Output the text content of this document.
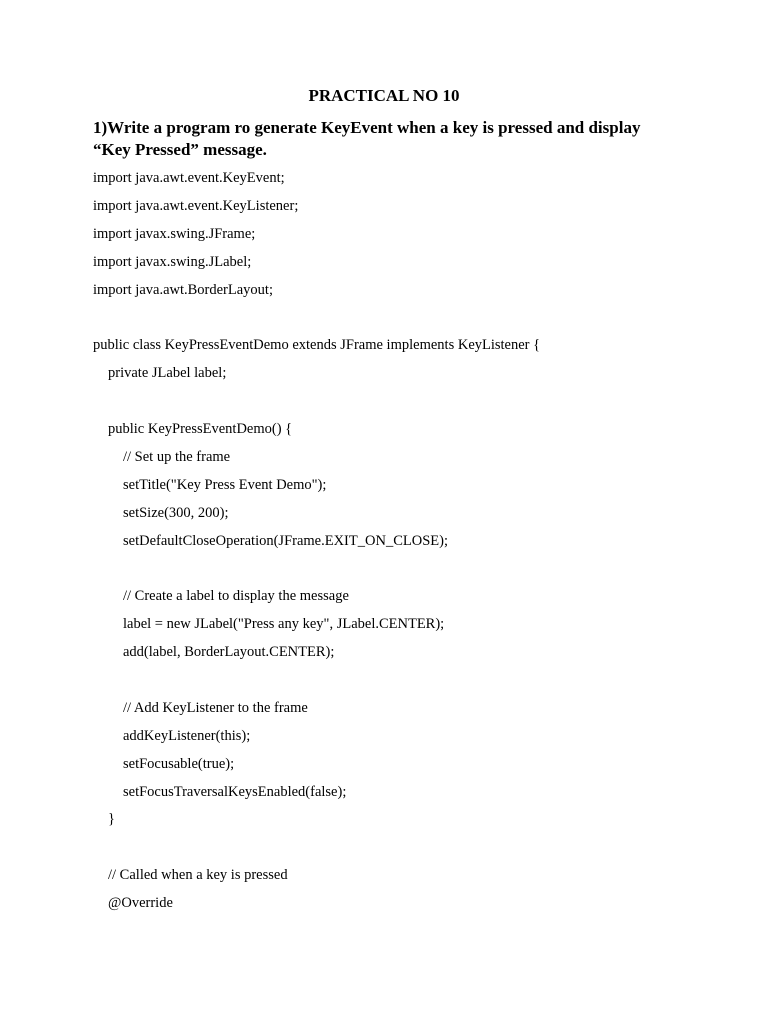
PRACTICAL NO 10

1)Write a program ro generate KeyEvent when a key is pressed and display
“Key Pressed” message.

import java.awt.event.KeyEvent;
import java.awt.event.KeyListener;
import javax.swing.JFrame;
import javax.swing.JLabel;
import java.awt.BorderLayout;
public class KeyPressEventDemo extends JFrame implements KeyListener {
private JLabel label;
public KeyPressEventDemo() {
// Set up the frame
setTitle("Key Press Event Demo");
setSize(300, 200);
setDefaultCloseOperation(JFrame.EXIT_ON_CLOSE);
// Create a label to display the message
label = new JLabel("Press any key", JLabel.CENTER);
add(label, BorderLayout.CENTER);
// Add KeyListener to the frame
addKeyListener(this);
setFocusable(true);
setFocusTraversalKeysEnabled(false);
}
// Called when a key is pressed
@Override
